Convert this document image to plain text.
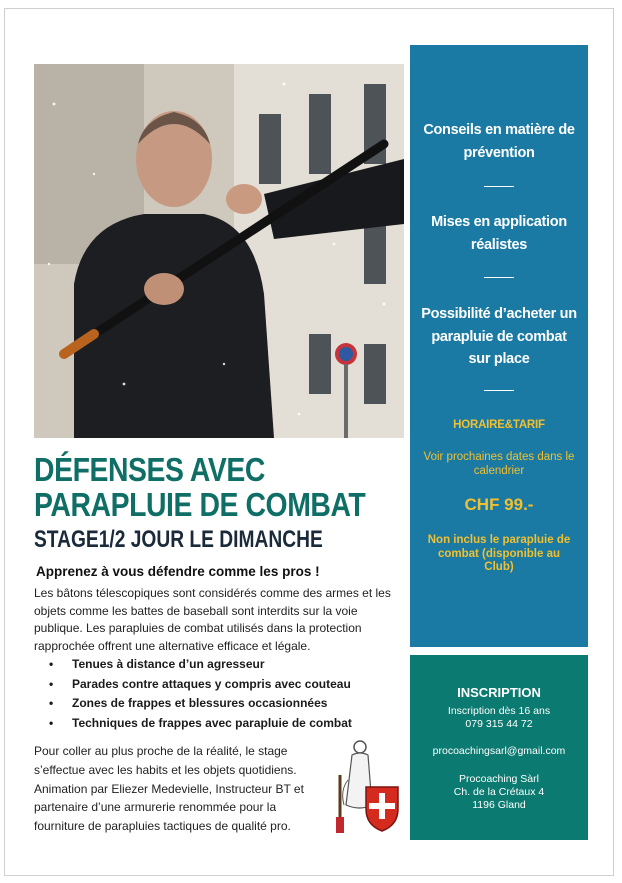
DÉFENSES AVEC
PARAPLUIE DE COMBAT
STAGE1/2 JOUR LE DIMANCHE

Apprenez à vous défendre comme les pros !

Les bâtons télescopiques sont considérés comme des armes et les objets comme les battes de baseball sont interdits sur la voie publique. Les parapluies de combat utilisés dans la protection rapprochée offrent une alternative efficace et légale.

• Tenues à distance d’un agresseur
• Parades contre attaques y compris avec couteau
• Zones de frappes et blessures occasionnées
• Techniques de frappes avec parapluie de combat

Pour coller au plus proche de la réalité, le stage s’effectue avec les habits et les objets quotidiens. Animation par Eliezer Medevielle, Instructeur BT et partenaire d’une armurerie renommée pour la fourniture de parapluies tactiques de qualité pro.

Conseils en matière de prévention

Mises en application réalistes

Possibilité d’acheter un parapluie de combat sur place

HORAIRE&TARIF

Voir prochaines dates dans le calendrier

CHF 99.-

Non inclus le parapluie de combat (disponible au Club)

INSCRIPTION

Inscription dès 16 ans

079 315 44 72

procoachingsarl@gmail.com

Procoaching Sàrl

Ch. de la Crétaux 4

1196 Gland
